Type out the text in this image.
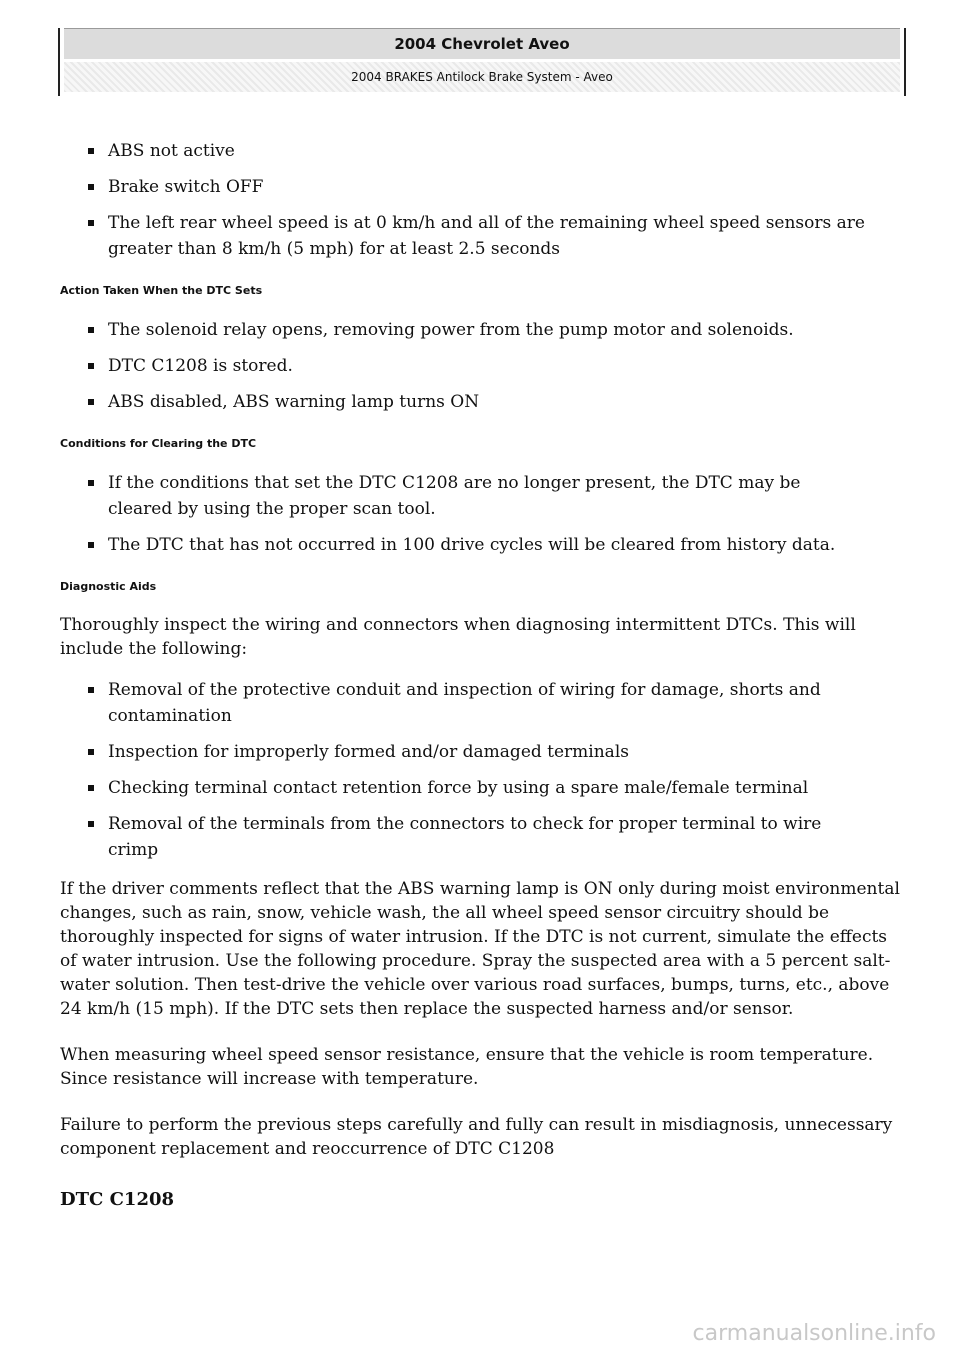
2004 Chevrolet Aveo
2004 BRAKES Antilock Brake System - Aveo
ABS not active
Brake switch OFF
The left rear wheel speed is at 0 km/h and all of the remaining wheel speed sensors are greater than 8 km/h (5 mph) for at least 2.5 seconds
Action Taken When the DTC Sets
The solenoid relay opens, removing power from the pump motor and solenoids.
DTC C1208 is stored.
ABS disabled, ABS warning lamp turns ON
Conditions for Clearing the DTC
If the conditions that set the DTC C1208 are no longer present, the DTC may be cleared by using the proper scan tool.
The DTC that has not occurred in 100 drive cycles will be cleared from history data.
Diagnostic Aids

Thoroughly inspect the wiring and connectors when diagnosing intermittent DTCs. This will include the following:

Removal of the protective conduit and inspection of wiring for damage, shorts and contamination
Inspection for improperly formed and/or damaged terminals
Checking terminal contact retention force by using a spare male/female terminal
Removal of the terminals from the connectors to check for proper terminal to wire crimp

If the driver comments reflect that the ABS warning lamp is ON only during moist environmental changes, such as rain, snow, vehicle wash, the all wheel speed sensor circuitry should be thoroughly inspected for signs of water intrusion. If the DTC is not current, simulate the effects of water intrusion. Use the following procedure. Spray the suspected area with a 5 percent salt-water solution. Then test-drive the vehicle over various road surfaces, bumps, turns, etc., above 24 km/h (15 mph). If the DTC sets then replace the suspected harness and/or sensor.

When measuring wheel speed sensor resistance, ensure that the vehicle is room temperature. Since resistance will increase with temperature.

Failure to perform the previous steps carefully and fully can result in misdiagnosis, unnecessary component replacement and reoccurrence of DTC C1208

DTC C1208
carmanualsonline.info
